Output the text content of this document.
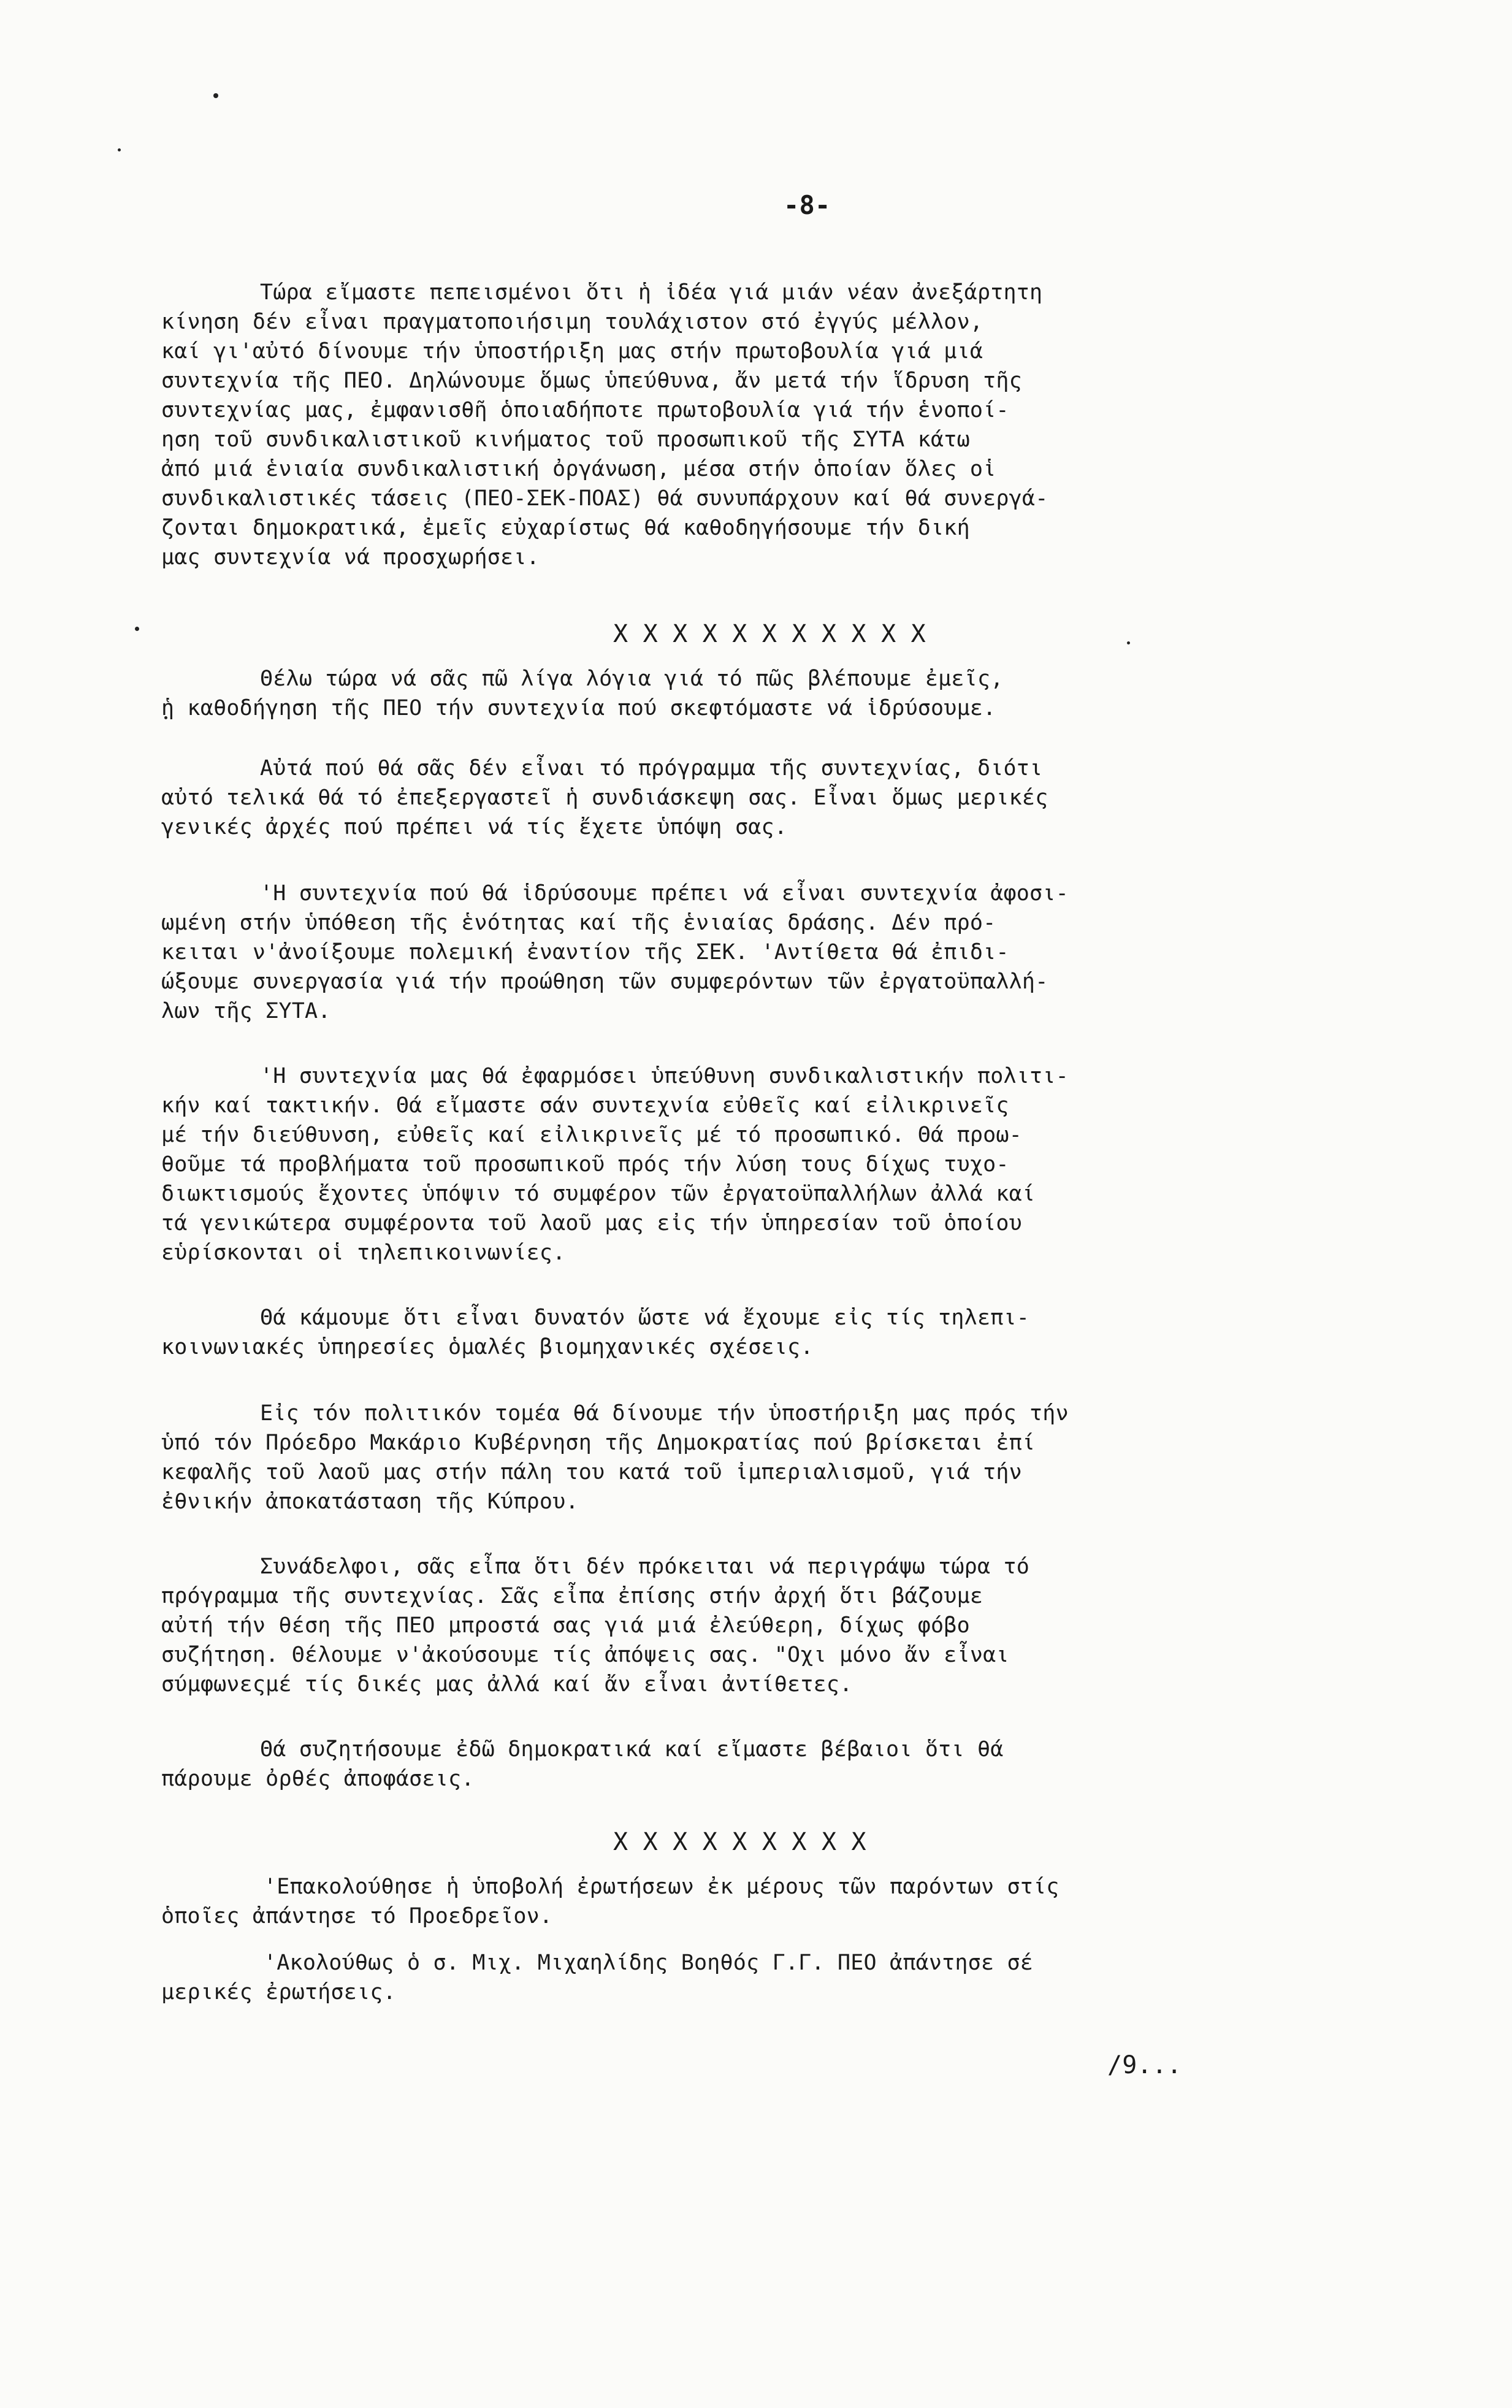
-8-
Τώρα εἴμαστε πεπεισμένοι ὅτι ἡ ἰδέα γιά μιάν νέαν ἀνεξάρτητη
κίνηση δέν εἶναι πραγματοποιήσιμη τουλάχιστον στό ἐγγύς μέλλον,
καί γι'αὐτό δίνουμε τήν ὑποστήριξη μας στήν πρωτοβουλία γιά μιά
συντεχνία τῆς ΠΕΟ. Δηλώνουμε ὅμως ὑπεύθυνα, ἄν μετά τήν ἵδρυση τῆς
συντεχνίας μας, ἐμφανισθῆ ὁποιαδήποτε πρωτοβουλία γιά τήν ἑνοποί-
ηση τοῦ συνδικαλιστικοῦ κινήματος τοῦ προσωπικοῦ τῆς ΣΥΤΑ κάτω
ἀπό μιά ἑνιαία συνδικαλιστική ὀργάνωση, μέσα στήν ὁποίαν ὅλες οἱ
συνδικαλιστικές τάσεις (ΠΕΟ-ΣΕΚ-ΠΟΑΣ) θά συνυπάρχουν καί θά συνεργά-
ζονται δημοκρατικά, ἐμεῖς εὐχαρίστως θά καθοδηγήσουμε τήν δική
μας συντεχνία νά προσχωρήσει.
Χ Χ Χ Χ Χ Χ Χ Χ Χ Χ Χ
Θέλω τώρα νά σᾶς πῶ λίγα λόγια γιά τό πῶς βλέπουμε ἐμεῖς,
ἡ καθοδήγηση τῆς ΠΕΟ τήν συντεχνία πού σκεφτόμαστε νά ἱδρύσουμε.
Αὐτά πού θά σᾶς δέν εἶναι τό πρόγραμμα τῆς συντεχνίας, διότι
αὐτό τελικά θά τό ἐπεξεργαστεῖ ἡ συνδιάσκεψη σας. Εἶναι ὅμως μερικές
γενικές ἀρχές πού πρέπει νά τίς ἔχετε ὑπόψη σας.
'Η συντεχνία πού θά ἱδρύσουμε πρέπει νά εἶναι συντεχνία ἀφοσι-
ωμένη στήν ὑπόθεση τῆς ἑνότητας καί τῆς ἑνιαίας δράσης. Δέν πρό-
κειται ν'ἀνοίξουμε πολεμική ἐναντίον τῆς ΣΕΚ. 'Αντίθετα θά ἐπιδι-
ώξουμε συνεργασία γιά τήν προώθηση τῶν συμφερόντων τῶν ἐργατοϋπαλλή-
λων τῆς ΣΥΤΑ.
'Η συντεχνία μας θά ἐφαρμόσει ὑπεύθυνη συνδικαλιστικήν πολιτι-
κήν καί τακτικήν. Θά εἴμαστε σάν συντεχνία εὐθεῖς καί εἰλικρινεῖς
μέ τήν διεύθυνση, εὐθεῖς καί εἰλικρινεῖς μέ τό προσωπικό. Θά προω-
θοῦμε τά προβλήματα τοῦ προσωπικοῦ πρός τήν λύση τους δίχως τυχο-
διωκτισμούς ἔχοντες ὑπόψιν τό συμφέρον τῶν ἐργατοϋπαλλήλων ἀλλά καί
τά γενικώτερα συμφέροντα τοῦ λαοῦ μας εἰς τήν ὑπηρεσίαν τοῦ ὁποίου
εὑρίσκονται οἱ τηλεπικοινωνίες.
Θά κάμουμε ὅτι εἶναι δυνατόν ὥστε νά ἔχουμε εἰς τίς τηλεπι-
κοινωνιακές ὑπηρεσίες ὁμαλές βιομηχανικές σχέσεις.
Εἰς τόν πολιτικόν τομέα θά δίνουμε τήν ὑποστήριξη μας πρός τήν
ὑπό τόν Πρόεδρο Μακάριο Κυβέρνηση τῆς Δημοκρατίας πού βρίσκεται ἐπί
κεφαλῆς τοῦ λαοῦ μας στήν πάλη του κατά τοῦ ἰμπεριαλισμοῦ, γιά τήν
ἐθνικήν ἀποκατάσταση τῆς Κύπρου.
Συνάδελφοι, σᾶς εἶπα ὅτι δέν πρόκειται νά περιγράψω τώρα τό
πρόγραμμα τῆς συντεχνίας. Σᾶς εἶπα ἐπίσης στήν ἀρχή ὅτι βάζουμε
αὐτή τήν θέση τῆς ΠΕΟ μπροστά σας γιά μιά ἐλεύθερη, δίχως φόβο
συζήτηση. Θέλουμε ν'ἀκούσουμε τίς ἀπόψεις σας. "Οχι μόνο ἄν εἶναι
σύμφωνεςμέ τίς δικές μας ἀλλά καί ἄν εἶναι ἀντίθετες.
Θά συζητήσουμε ἐδῶ δημοκρατικά καί εἴμαστε βέβαιοι ὅτι θά
πάρουμε ὀρθές ἀποφάσεις.
Χ Χ Χ Χ Χ Χ Χ Χ Χ
'Επακολούθησε ἡ ὑποβολή ἐρωτήσεων ἐκ μέρους τῶν παρόντων στίς
ὁποῖες ἀπάντησε τό Προεδρεῖον.
'Ακολούθως ὁ σ. Μιχ. Μιχαηλίδης Βοηθός Γ.Γ. ΠΕΟ ἀπάντησε σέ
μερικές ἐρωτήσεις.
/9...
